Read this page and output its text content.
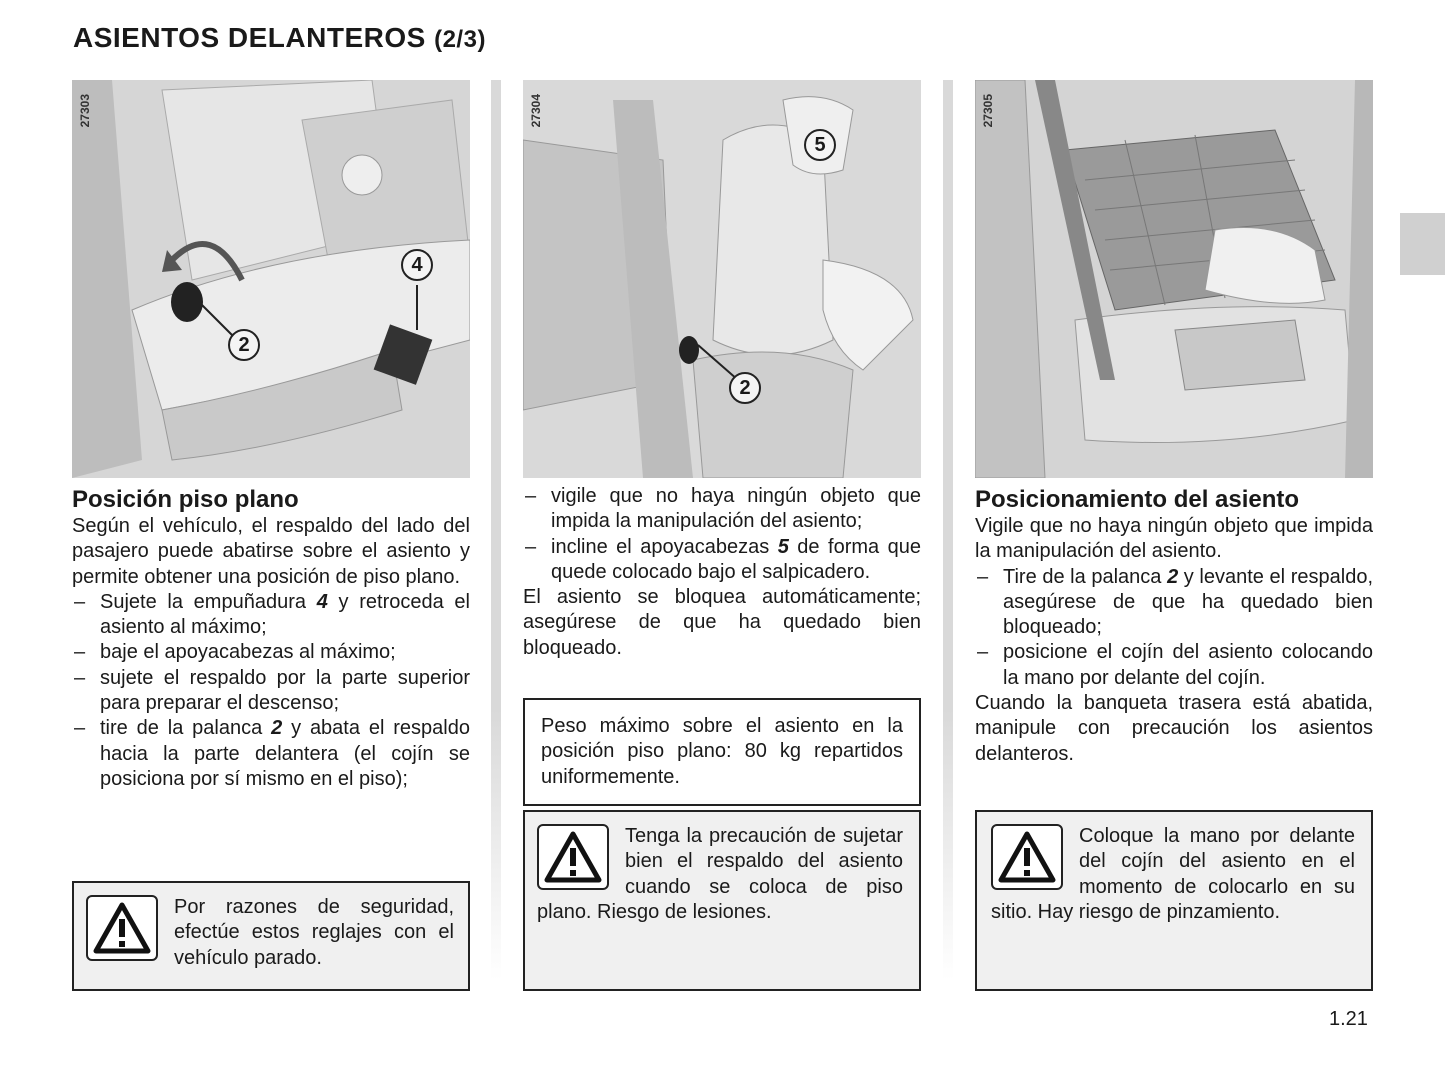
ASIENTOS DELANTEROS (2/3)
27303
4
2
Posición piso plano

Según el vehículo, el respaldo del lado del pasajero puede abatirse sobre el asiento y permite obtener una posición de piso plano.

– Sujete la empuñadura 4 y retroceda el asiento al máximo;
– baje el apoyacabezas al máximo;
– sujete el respaldo por la parte superior para preparar el descenso;
– tire de la palanca 2 y abata el respaldo hacia la parte delantera (el cojín se posiciona por sí mismo en el piso);

Por razones de seguridad, efectúe estos reglajes con el vehículo parado.

27304
5
2
– vigile que no haya ningún objeto que impida la manipulación del asiento;
– incline el apoyacabezas 5 de forma que quede colocado bajo el salpicadero.

El asiento se bloquea automáticamente; asegúrese de que ha quedado bien bloqueado.

Peso máximo sobre el asiento en la posición piso plano: 80 kg repartidos uniformemente.

Tenga la precaución de sujetar bien el respaldo del asiento cuando se coloca de piso plano. Riesgo de lesiones.

27305
Posicionamiento del asiento

Vigile que no haya ningún objeto que impida la manipulación del asiento.

– Tire de la palanca 2 y levante el respaldo, asegúrese de que ha quedado bien bloqueado;
– posicione el cojín del asiento colocando la mano por delante del cojín.

Cuando la banqueta trasera está abatida, manipule con precaución los asientos delanteros.

Coloque la mano por delante del cojín del asiento en el momento de colocarlo en su sitio. Hay riesgo de pinzamiento.

1.21
